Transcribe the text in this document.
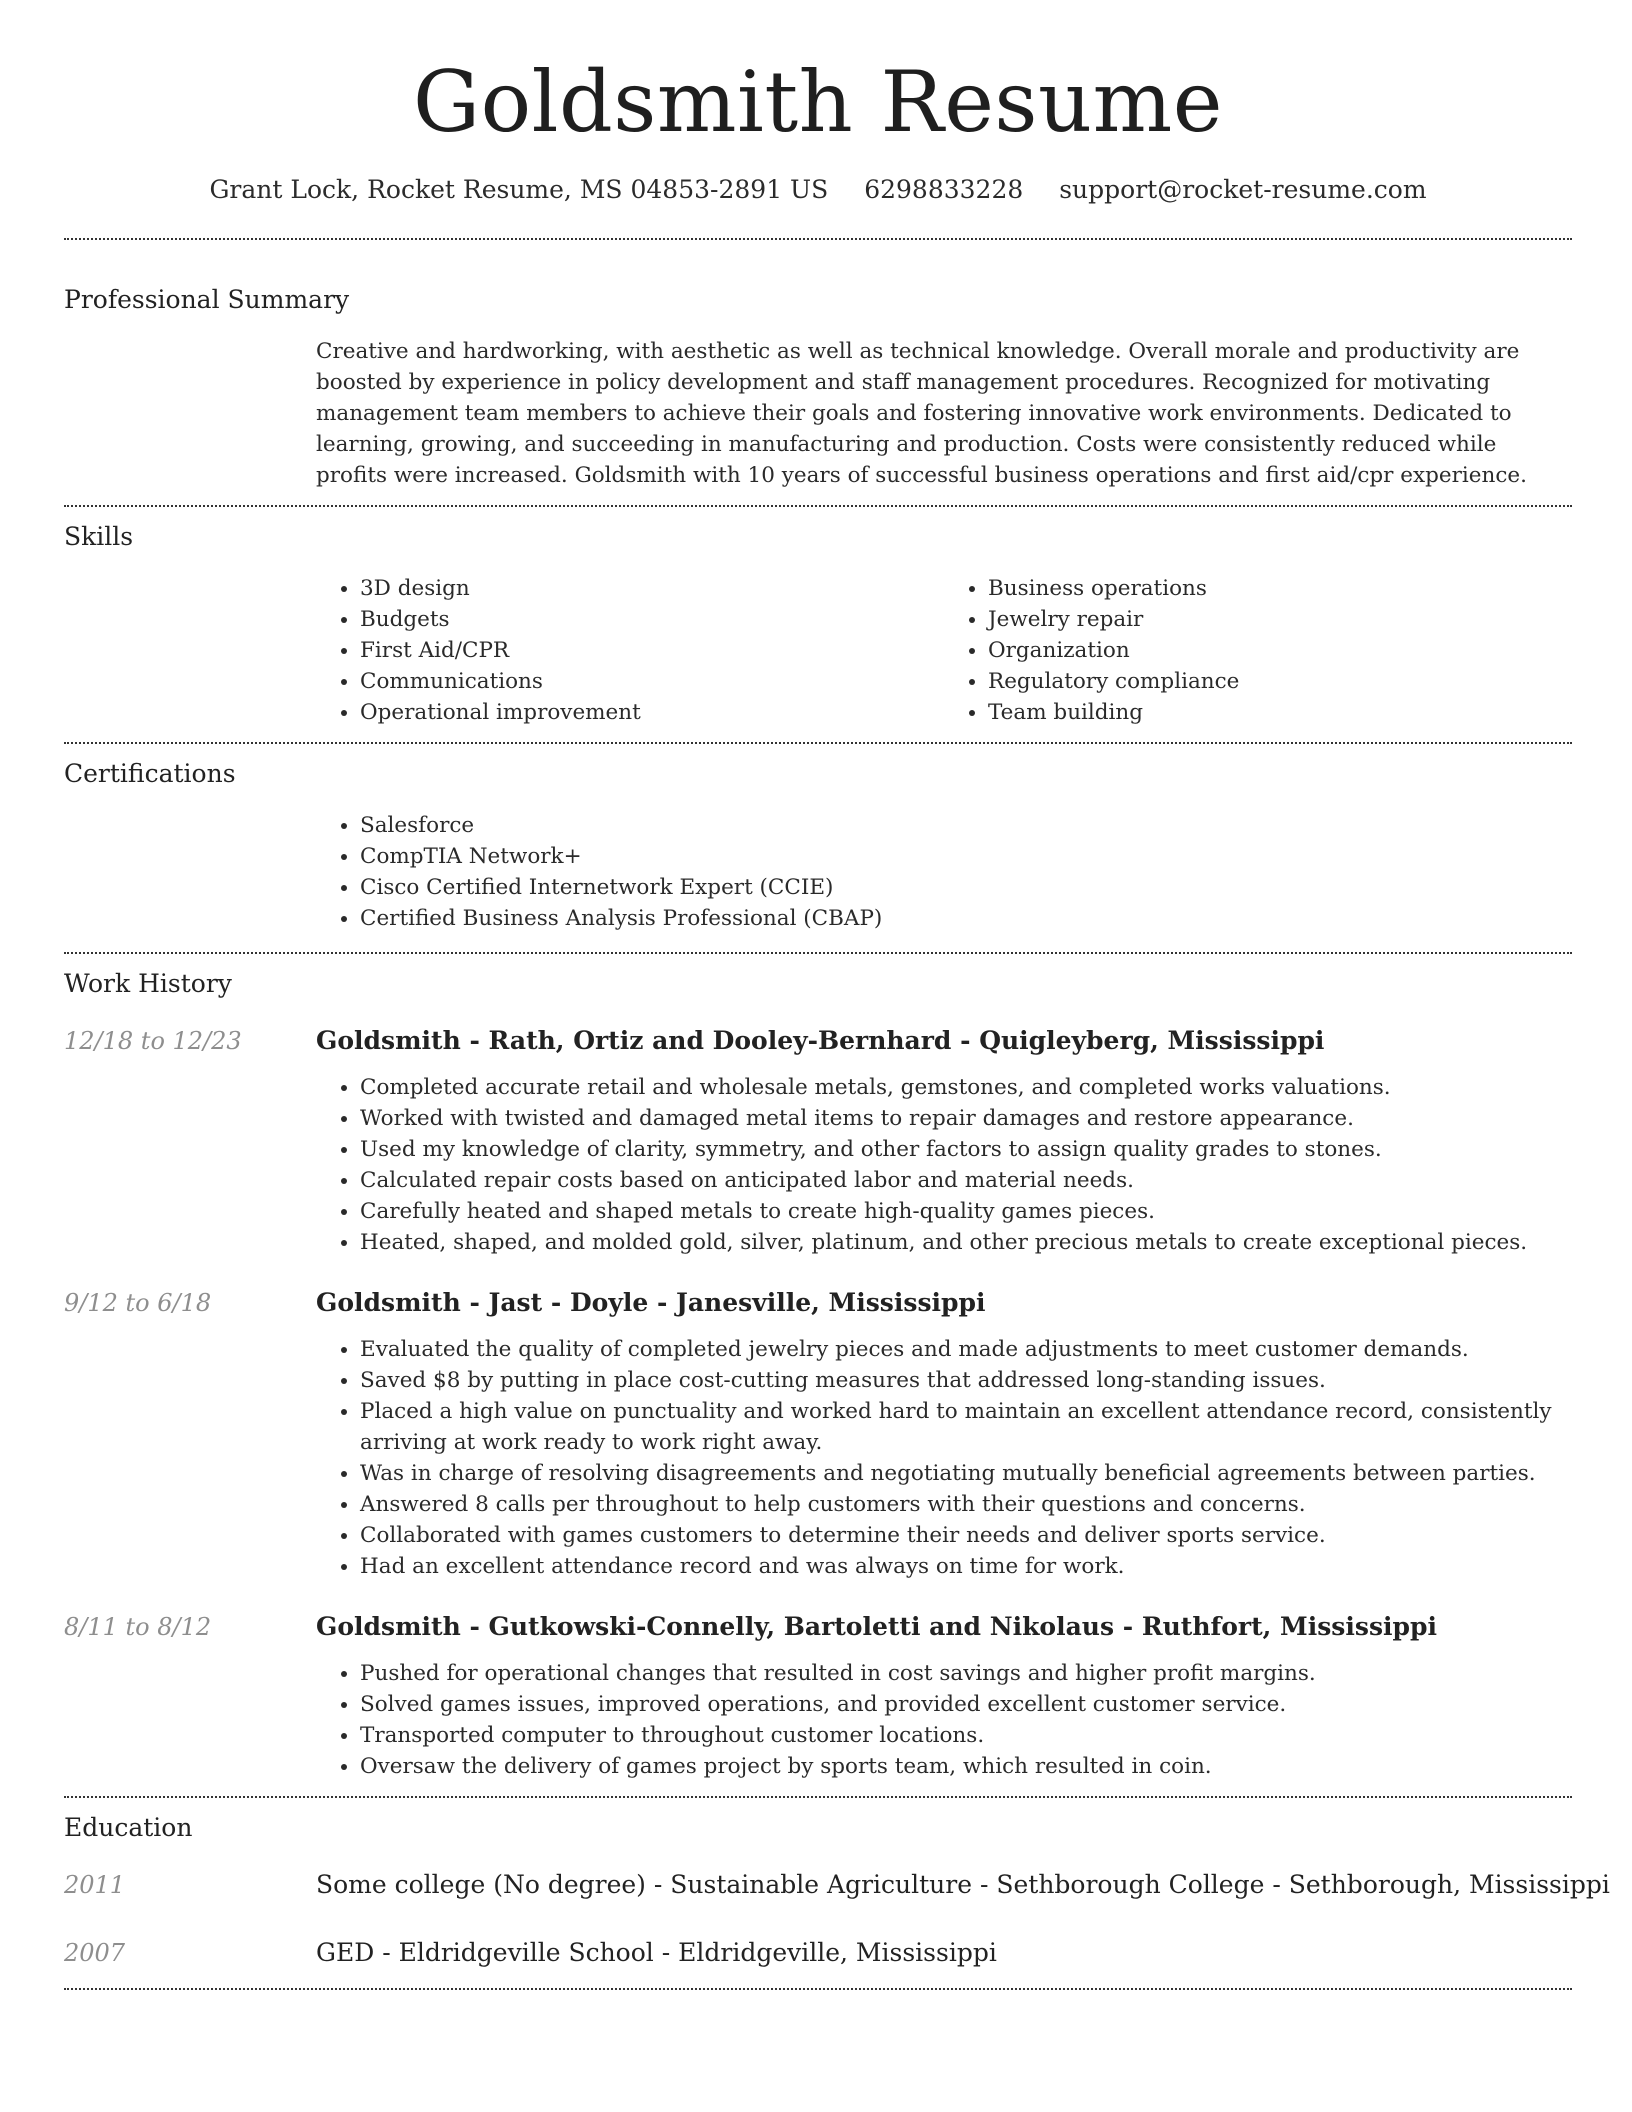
Goldsmith Resume
Grant Lock, Rocket Resume, MS 04853-2891 US 6298833228 support@rocket-resume.com
Professional Summary

Creative and hardworking, with aesthetic as well as technical knowledge. Overall morale and productivity are boosted by experience in policy development and staff management procedures. Recognized for motivating management team members to achieve their goals and fostering innovative work environments. Dedicated to learning, growing, and succeeding in manufacturing and production. Costs were consistently reduced while profits were increased. Goldsmith with 10 years of successful business operations and first aid/cpr experience.

Skills
• 3D design
• Budgets
• First Aid/CPR
• Communications
• Operational improvement
• Business operations
• Jewelry repair
• Organization
• Regulatory compliance
• Team building
Certifications
• Salesforce
• CompTIA Network+
• Cisco Certified Internetwork Expert (CCIE)
• Certified Business Analysis Professional (CBAP)
Work History
12/18 to 12/23	Goldsmith - Rath, Ortiz and Dooley-Bernhard - Quigleyberg, Mississippi
• Completed accurate retail and wholesale metals, gemstones, and completed works valuations.
• Worked with twisted and damaged metal items to repair damages and restore appearance.
• Used my knowledge of clarity, symmetry, and other factors to assign quality grades to stones.
• Calculated repair costs based on anticipated labor and material needs.
• Carefully heated and shaped metals to create high-quality games pieces.
• Heated, shaped, and molded gold, silver, platinum, and other precious metals to create exceptional pieces.
9/12 to 6/18	Goldsmith - Jast - Doyle - Janesville, Mississippi
• Evaluated the quality of completed jewelry pieces and made adjustments to meet customer demands.
• Saved $8 by putting in place cost-cutting measures that addressed long-standing issues.
• Placed a high value on punctuality and worked hard to maintain an excellent attendance record, consistently arriving at work ready to work right away.
• Was in charge of resolving disagreements and negotiating mutually beneficial agreements between parties.
• Answered 8 calls per throughout to help customers with their questions and concerns.
• Collaborated with games customers to determine their needs and deliver sports service.
• Had an excellent attendance record and was always on time for work.
8/11 to 8/12	Goldsmith - Gutkowski-Connelly, Bartoletti and Nikolaus - Ruthfort, Mississippi
• Pushed for operational changes that resulted in cost savings and higher profit margins.
• Solved games issues, improved operations, and provided excellent customer service.
• Transported computer to throughout customer locations.
• Oversaw the delivery of games project by sports team, which resulted in coin.
Education
2011	Some college (No degree) - Sustainable Agriculture - Sethborough College - Sethborough, Mississippi
2007	GED - Eldridgeville School - Eldridgeville, Mississippi
